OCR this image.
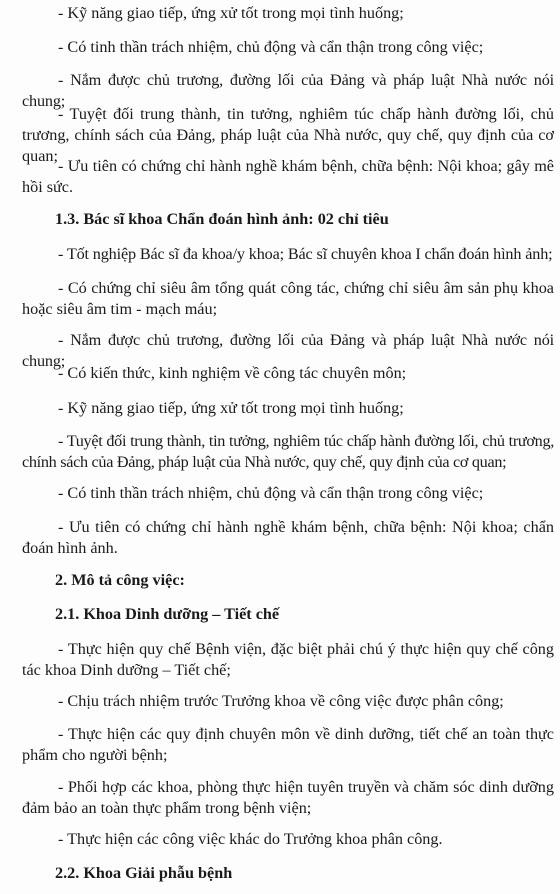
- Kỹ năng giao tiếp, ứng xử tốt trong mọi tình huống;

- Có tinh thần trách nhiệm, chủ động và cẩn thận trong công việc;

- Nắm được chủ trương, đường lối của Đảng và pháp luật Nhà nước nói chung;

- Tuyệt đối trung thành, tin tưởng, nghiêm túc chấp hành đường lối, chủ trương, chính sách của Đảng, pháp luật của Nhà nước, quy chế, quy định của cơ quan;

- Ưu tiên có chứng chỉ hành nghề khám bệnh, chữa bệnh: Nội khoa; gây mê hồi sức.

1.3. Bác sĩ khoa Chẩn đoán hình ảnh: 02 chỉ tiêu

- Tốt nghiệp Bác sĩ đa khoa/y khoa; Bác sĩ chuyên khoa I chẩn đoán hình ảnh;

- Có chứng chỉ siêu âm tổng quát công tác, chứng chỉ siêu âm sản phụ khoa hoặc siêu âm tim - mạch máu;

- Nắm được chủ trương, đường lối của Đảng và pháp luật Nhà nước nói chung;

- Có kiến thức, kinh nghiệm về công tác chuyên môn;

- Kỹ năng giao tiếp, ứng xử tốt trong mọi tình huống;

- Tuyệt đối trung thành, tin tưởng, nghiêm túc chấp hành đường lối, chủ trương, chính sách của Đảng, pháp luật của Nhà nước, quy chế, quy định của cơ quan;

- Có tinh thần trách nhiệm, chủ động và cẩn thận trong công việc;

- Ưu tiên có chứng chỉ hành nghề khám bệnh, chữa bệnh: Nội khoa; chẩn đoán hình ảnh.

2. Mô tả công việc:

2.1. Khoa Dinh dưỡng – Tiết chế

- Thực hiện quy chế Bệnh viện, đặc biệt phải chú ý thực hiện quy chế công tác khoa Dinh dưỡng – Tiết chế;

- Chịu trách nhiệm trước Trưởng khoa về công việc được phân công;

- Thực hiện các quy định chuyên môn về dinh dưỡng, tiết chế an toàn thực phẩm cho người bệnh;

- Phối hợp các khoa, phòng thực hiện tuyên truyền và chăm sóc dinh dưỡng đảm bảo an toàn thực phẩm trong bệnh viện;

- Thực hiện các công việc khác do Trưởng khoa phân công.

2.2. Khoa Giải phẫu bệnh
